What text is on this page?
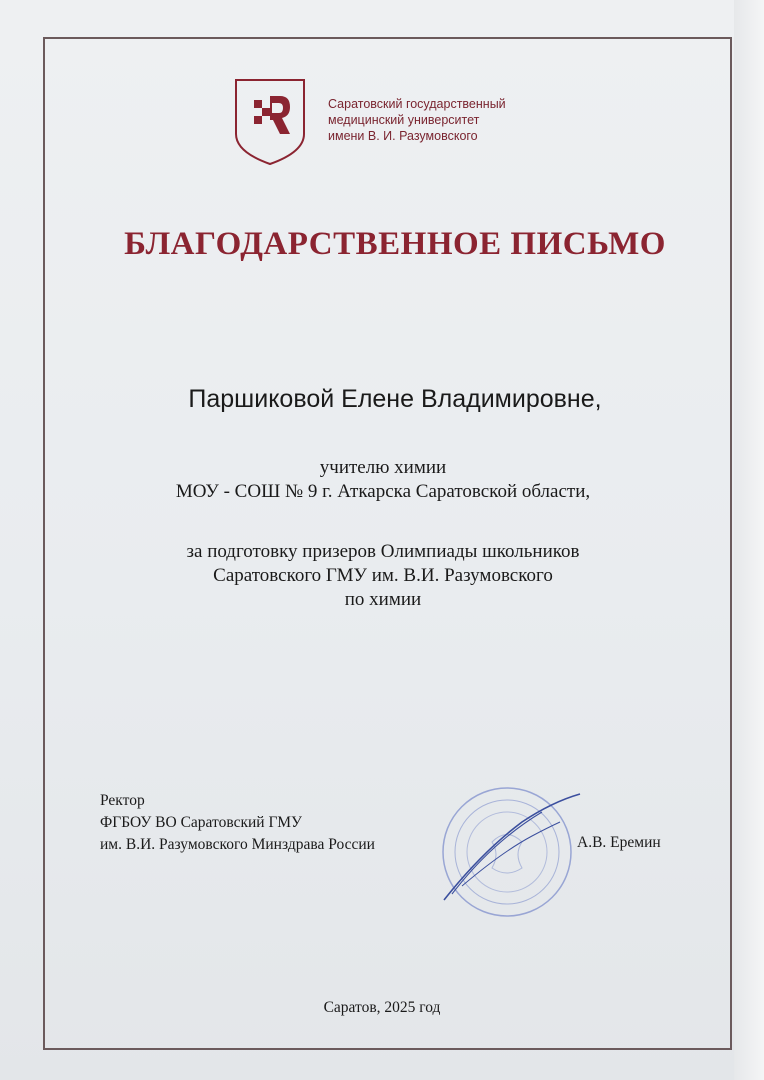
Саратовский государственный
медицинский университет
имени В. И. Разумовского
БЛАГОДАРСТВЕННОЕ ПИСЬМО
Паршиковой Елене Владимировне,
учителю химии
МОУ - СОШ № 9 г. Аткарска Саратовской области,
за подготовку призеров Олимпиады школьников
Саратовского ГМУ им. В.И. Разумовского
по химии
Ректор
ФГБОУ ВО Саратовский ГМУ
им. В.И. Разумовского Минздрава России	А.В. Еремин
Саратов, 2025 год
